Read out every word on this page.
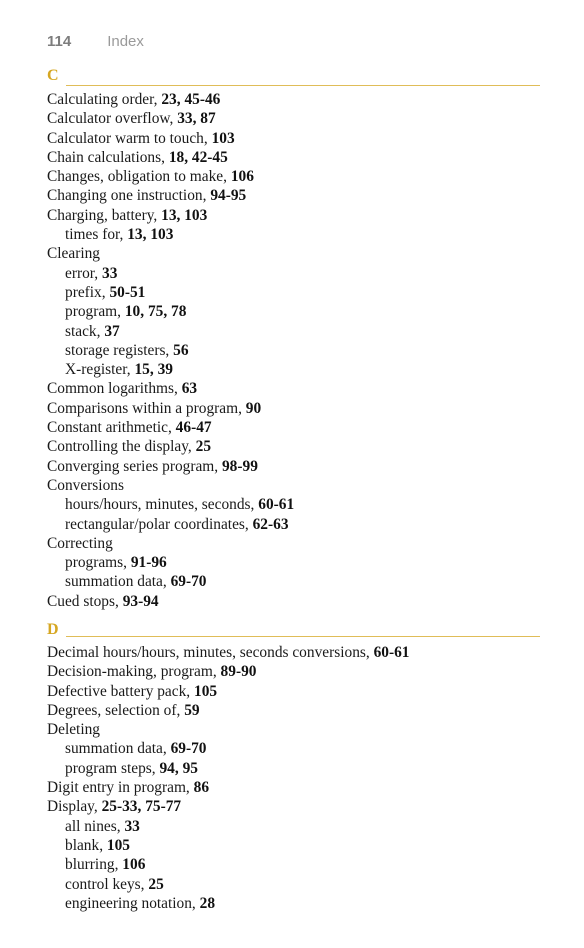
114 Index
C
Calculating order, 23, 45-46
Calculator overflow, 33, 87
Calculator warm to touch, 103
Chain calculations, 18, 42-45
Changes, obligation to make, 106
Changing one instruction, 94-95
Charging, battery, 13, 103
times for, 13, 103
Clearing
error, 33
prefix, 50-51
program, 10, 75, 78
stack, 37
storage registers, 56
X-register, 15, 39
Common logarithms, 63
Comparisons within a program, 90
Constant arithmetic, 46-47
Controlling the display, 25
Converging series program, 98-99
Conversions
hours/hours, minutes, seconds, 60-61
rectangular/polar coordinates, 62-63
Correcting
programs, 91-96
summation data, 69-70
Cued stops, 93-94
D
Decimal hours/hours, minutes, seconds conversions, 60-61
Decision-making, program, 89-90
Defective battery pack, 105
Degrees, selection of, 59
Deleting
summation data, 69-70
program steps, 94, 95
Digit entry in program, 86
Display, 25-33, 75-77
all nines, 33
blank, 105
blurring, 106
control keys, 25
engineering notation, 28
